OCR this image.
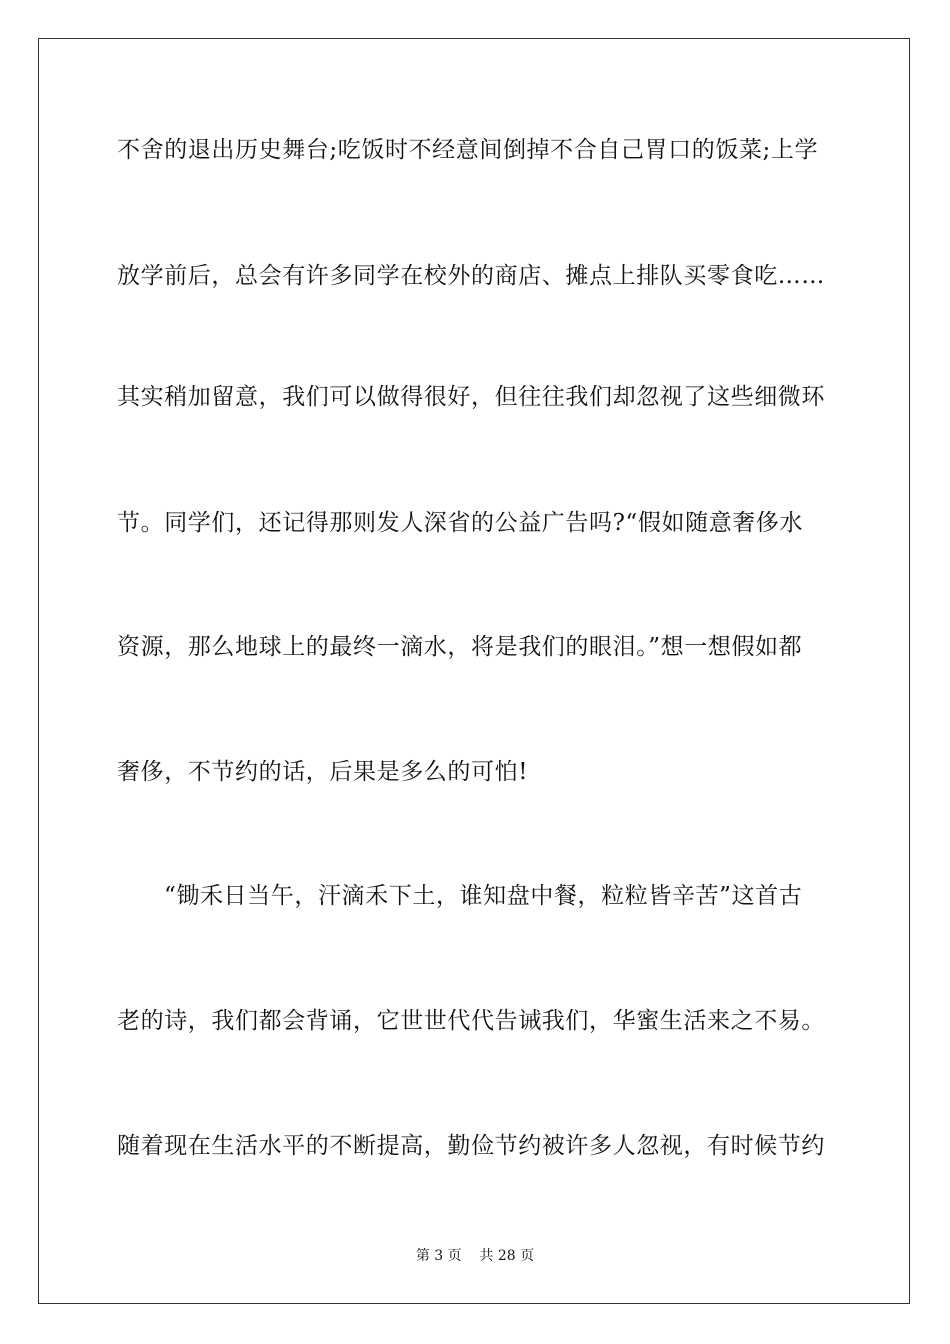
不舍的退出历史舞台;吃饭时不经意间倒掉不合自己胃口的饭菜;上学
放学前后，总会有许多同学在校外的商店、摊点上排队买零食吃……
其实稍加留意，我们可以做得很好，但往往我们却忽视了这些细微环
节。同学们，还记得那则发人深省的公益广告吗?“假如随意奢侈水
资源，那么地球上的最终一滴水，将是我们的眼泪。”想一想假如都
奢侈，不节约的话，后果是多么的可怕!
“锄禾日当午，汗滴禾下土，谁知盘中餐，粒粒皆辛苦”这首古
老的诗，我们都会背诵，它世世代代告诫我们，华蜜生活来之不易。
随着现在生活水平的不断提高，勤俭节约被许多人忽视，有时候节约
第 3 页    共 28 页
